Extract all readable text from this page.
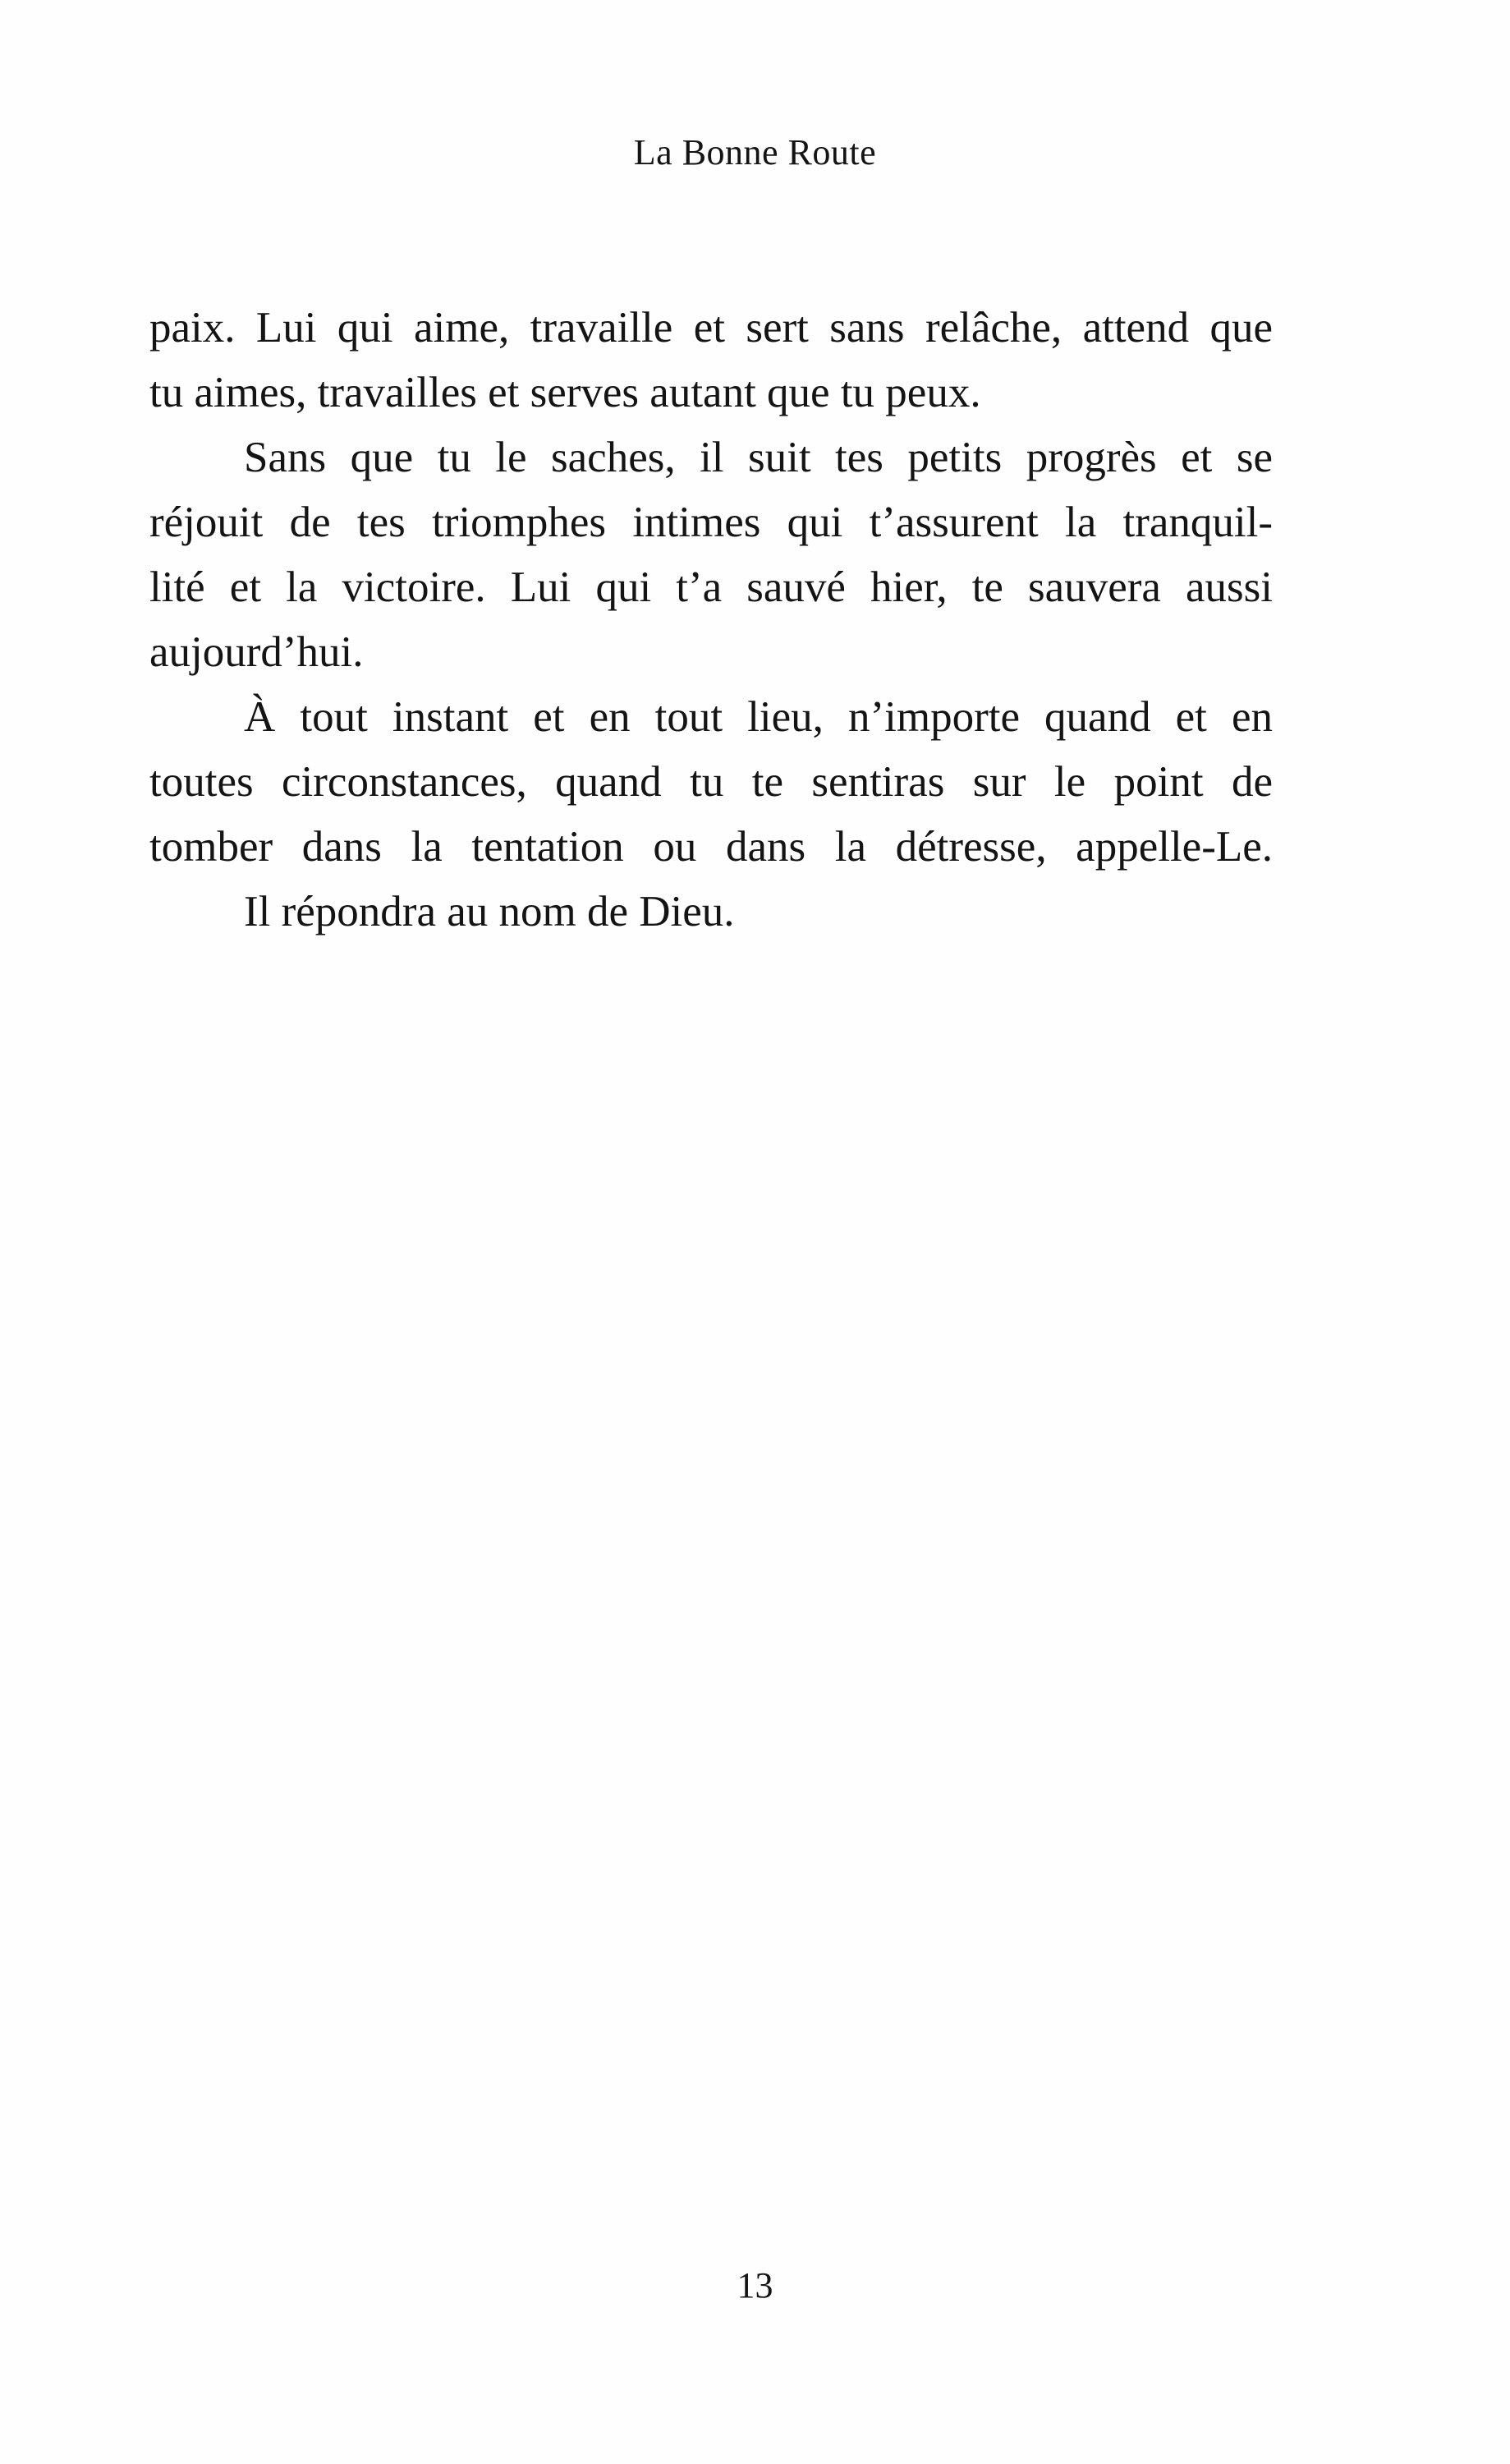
La Bonne Route
paix. Lui qui aime, travaille et sert sans relâche, attend que
tu aimes, travailles et serves autant que tu peux.
Sans que tu le saches, il suit tes petits progrès et se
réjouit de tes triomphes intimes qui t’assurent la tranquil-
lité et la victoire. Lui qui t’a sauvé hier, te sauvera aussi
aujourd’hui.
À tout instant et en tout lieu, n’importe quand et en
toutes circonstances, quand tu te sentiras sur le point de
tomber dans la tentation ou dans la détresse, appelle-Le.
Il répondra au nom de Dieu.
13
